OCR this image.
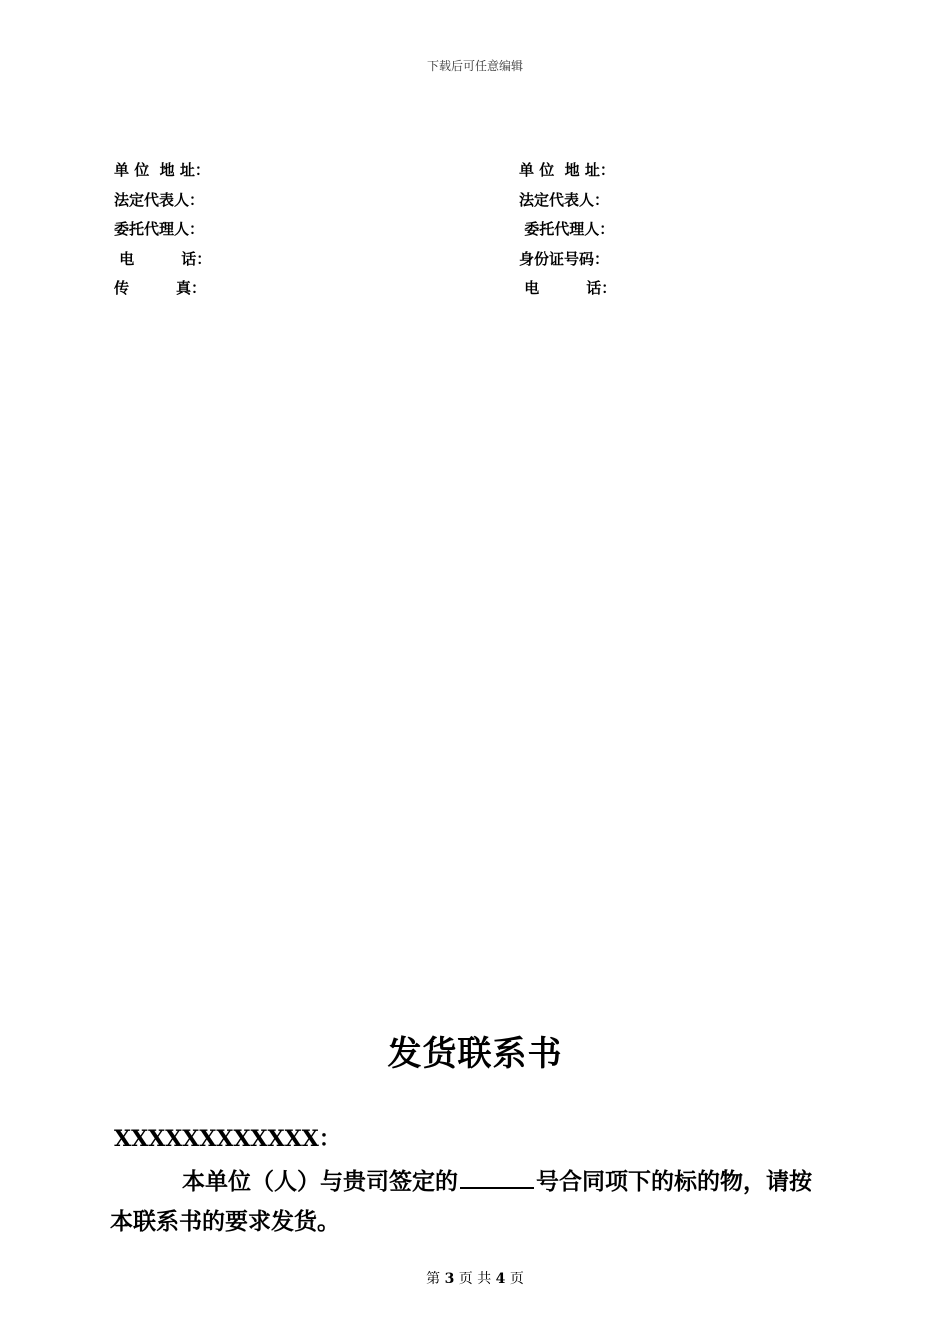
下载后可任意编辑
单 位  地 址：
法定代表人：
委托代理人：
电         话：
传         真：
单 位  地 址：
法定代表人：
委托代理人：
身份证号码：
电         话：
发货联系书
XXXXXXXXXXXX：
本单位（人）与贵司签定的	号合同项下的标的物，请按
本联系书的要求发货。
第 3 页 共 4 页
